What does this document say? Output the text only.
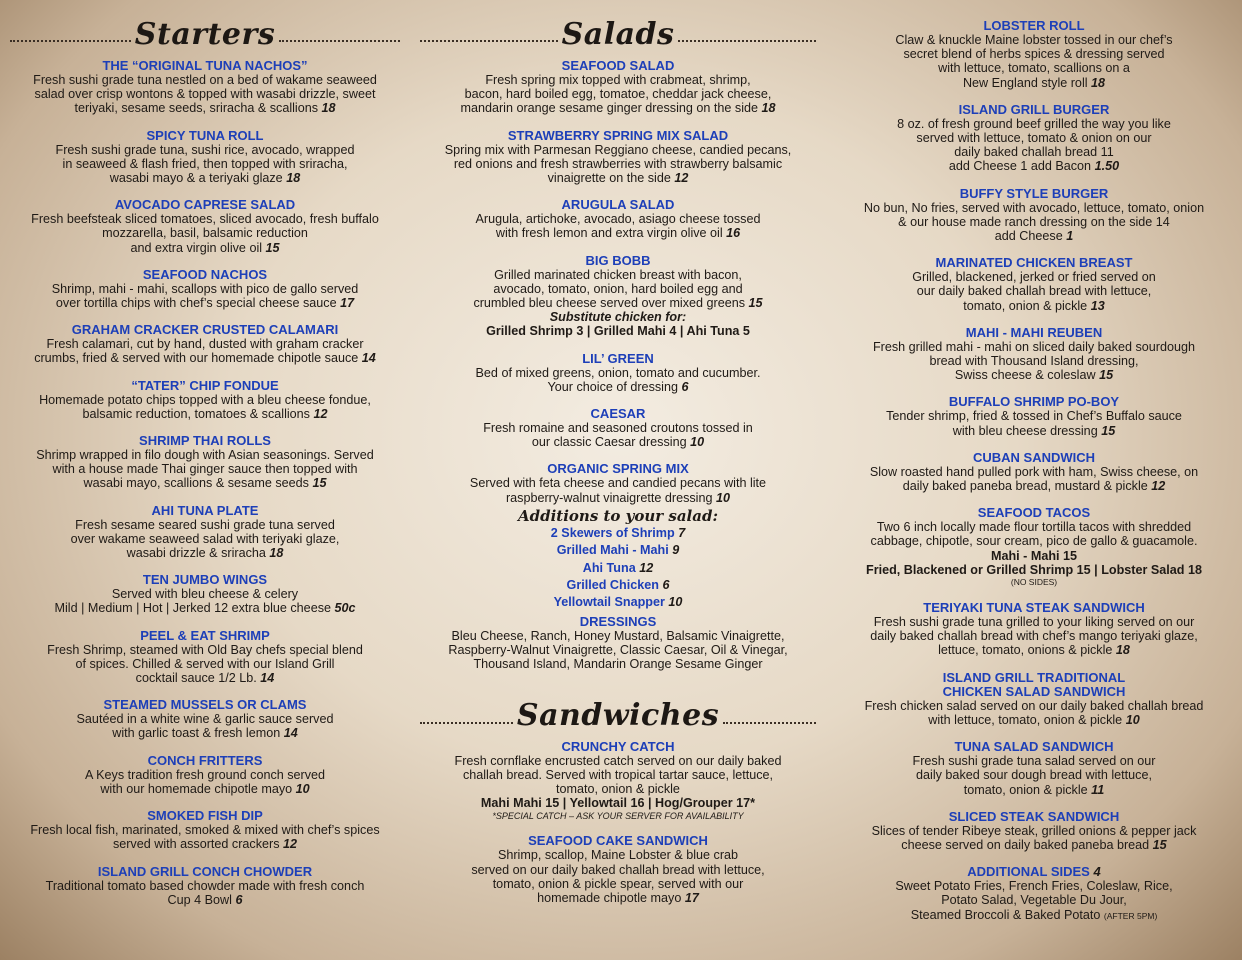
Starters
THE “ORIGINAL TUNA NACHOS”
Fresh sushi grade tuna nestled on a bed of wakame seaweed
salad over crisp wontons & topped with wasabi drizzle, sweet
teriyaki, sesame seeds, sriracha & scallions 18
SPICY TUNA ROLL
Fresh sushi grade tuna, sushi rice, avocado, wrapped
in seaweed & flash fried, then topped with sriracha,
wasabi mayo & a teriyaki glaze 18
AVOCADO CAPRESE SALAD
Fresh beefsteak sliced tomatoes, sliced avocado, fresh buffalo
mozzarella, basil, balsamic reduction
and extra virgin olive oil 15
SEAFOOD NACHOS
Shrimp, mahi - mahi, scallops with pico de gallo served
over tortilla chips with chef’s special cheese sauce 17
GRAHAM CRACKER CRUSTED CALAMARI
Fresh calamari, cut by hand, dusted with graham cracker
crumbs, fried & served with our homemade chipotle sauce 14
“TATER” CHIP FONDUE
Homemade potato chips topped with a bleu cheese fondue,
balsamic reduction, tomatoes & scallions 12
SHRIMP THAI ROLLS
Shrimp wrapped in filo dough with Asian seasonings. Served
with a house made Thai ginger sauce then topped with
wasabi mayo, scallions & sesame seeds 15
AHI TUNA PLATE
Fresh sesame seared sushi grade tuna served
over wakame seaweed salad with teriyaki glaze,
wasabi drizzle & sriracha 18
TEN JUMBO WINGS
Served with bleu cheese & celery
Mild | Medium | Hot | Jerked 12 extra blue cheese 50c
PEEL & EAT SHRIMP
Fresh Shrimp, steamed with Old Bay chefs special blend
of spices. Chilled & served with our Island Grill
cocktail sauce 1/2 Lb. 14
STEAMED MUSSELS OR CLAMS
Sautéed in a white wine & garlic sauce served
with garlic toast & fresh lemon 14
CONCH FRITTERS
A Keys tradition fresh ground conch served
with our homemade chipotle mayo 10
SMOKED FISH DIP
Fresh local fish, marinated, smoked & mixed with chef’s spices
served with assorted crackers 12
ISLAND GRILL CONCH CHOWDER
Traditional tomato based chowder made with fresh conch
Cup 4 Bowl 6
Salads
SEAFOOD SALAD
Fresh spring mix topped with crabmeat, shrimp,
bacon, hard boiled egg, tomatoe, cheddar jack cheese,
mandarin orange sesame ginger dressing on the side 18
STRAWBERRY SPRING MIX SALAD
Spring mix with Parmesan Reggiano cheese, candied pecans,
red onions and fresh strawberries with strawberry balsamic
vinaigrette on the side 12
ARUGULA SALAD
Arugula, artichoke, avocado, asiago cheese tossed
with fresh lemon and extra virgin olive oil 16
BIG BOBB
Grilled marinated chicken breast with bacon,
avocado, tomato, onion, hard boiled egg and
crumbled bleu cheese served over mixed greens 15
Substitute chicken for:
Grilled Shrimp 3 | Grilled Mahi 4 | Ahi Tuna 5
LIL’ GREEN
Bed of mixed greens, onion, tomato and cucumber.
Your choice of dressing 6
CAESAR
Fresh romaine and seasoned croutons tossed in
our classic Caesar dressing 10
ORGANIC SPRING MIX
Served with feta cheese and candied pecans with lite
raspberry-walnut vinaigrette dressing 10
Additions to your salad:
2 Skewers of Shrimp 7
Grilled Mahi - Mahi 9
Ahi Tuna 12
Grilled Chicken 6
Yellowtail Snapper 10
DRESSINGS
Bleu Cheese, Ranch, Honey Mustard, Balsamic Vinaigrette,
Raspberry-Walnut Vinaigrette, Classic Caesar, Oil & Vinegar,
Thousand Island, Mandarin Orange Sesame Ginger
Sandwiches
CRUNCHY CATCH
Fresh cornflake encrusted catch served on our daily baked
challah bread. Served with tropical tartar sauce, lettuce,
tomato, onion & pickle
Mahi Mahi 15 | Yellowtail 16 | Hog/Grouper 17*
*SPECIAL CATCH – ASK YOUR SERVER FOR AVAILABILITY
SEAFOOD CAKE SANDWICH
Shrimp, scallop, Maine Lobster & blue crab
served on our daily baked challah bread with lettuce,
tomato, onion & pickle spear, served with our
homemade chipotle mayo 17
LOBSTER ROLL
Claw & knuckle Maine lobster tossed in our chef’s
secret blend of herbs spices & dressing served
with lettuce, tomato, scallions on a
New England style roll 18
ISLAND GRILL BURGER
8 oz. of fresh ground beef grilled the way you like
served with lettuce, tomato & onion on our
daily baked challah bread 11
add Cheese 1 add Bacon 1.50
BUFFY STYLE BURGER
No bun, No fries, served with avocado, lettuce, tomato, onion
& our house made ranch dressing on the side 14
add Cheese 1
MARINATED CHICKEN BREAST
Grilled, blackened, jerked or fried served on
our daily baked challah bread with lettuce,
tomato, onion & pickle 13
MAHI - MAHI REUBEN
Fresh grilled mahi - mahi on sliced daily baked sourdough
bread with Thousand Island dressing,
Swiss cheese & coleslaw 15
BUFFALO SHRIMP PO-BOY
Tender shrimp, fried & tossed in Chef’s Buffalo sauce
with bleu cheese dressing 15
CUBAN SANDWICH
Slow roasted hand pulled pork with ham, Swiss cheese, on
daily baked paneba bread, mustard & pickle 12
SEAFOOD TACOS
Two 6 inch locally made flour tortilla tacos with shredded
cabbage, chipotle, sour cream, pico de gallo & guacamole.
Mahi - Mahi 15
Fried, Blackened or Grilled Shrimp 15 | Lobster Salad 18
(NO SIDES)
TERIYAKI TUNA STEAK SANDWICH
Fresh sushi grade tuna grilled to your liking served on our
daily baked challah bread with chef’s mango teriyaki glaze,
lettuce, tomato, onions & pickle 18
ISLAND GRILL TRADITIONAL
CHICKEN SALAD SANDWICH
Fresh chicken salad served on our daily baked challah bread
with lettuce, tomato, onion & pickle 10
TUNA SALAD SANDWICH
Fresh sushi grade tuna salad served on our
daily baked sour dough bread with lettuce,
tomato, onion & pickle 11
SLICED STEAK SANDWICH
Slices of tender Ribeye steak, grilled onions & pepper jack
cheese served on daily baked paneba bread 15
ADDITIONAL SIDES 4
Sweet Potato Fries, French Fries, Coleslaw, Rice,
Potato Salad, Vegetable Du Jour,
Steamed Broccoli & Baked Potato (AFTER 5PM)
